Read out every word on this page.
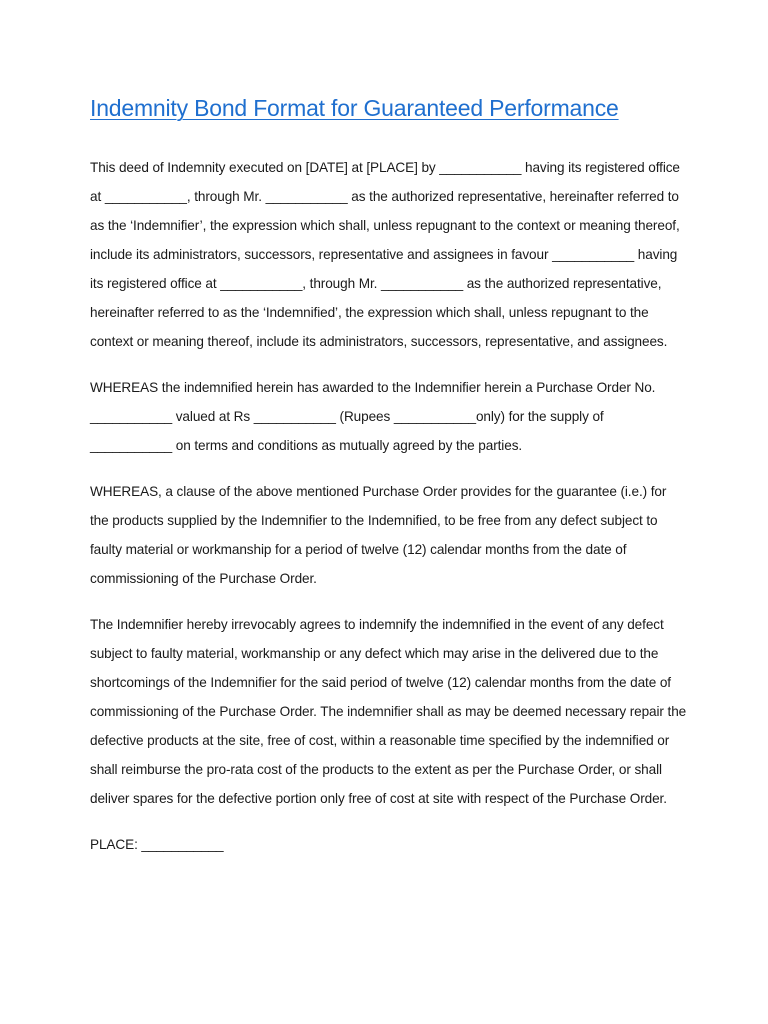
Indemnity Bond Format for Guaranteed Performance

This deed of Indemnity executed on [DATE] at [PLACE] by ___________ having its registered office at ___________, through Mr. ___________ as the authorized representative, hereinafter referred to as the ‘Indemnifier’, the expression which shall, unless repugnant to the context or meaning thereof, include its administrators, successors, representative and assignees in favour ___________ having its registered office at ___________, through Mr. ___________ as the authorized representative, hereinafter referred to as the ‘Indemnified’, the expression which shall, unless repugnant to the context or meaning thereof, include its administrators, successors, representative, and assignees.

WHEREAS the indemnified herein has awarded to the Indemnifier herein a Purchase Order No. ___________ valued at Rs ___________ (Rupees ___________only) for the supply of ___________ on terms and conditions as mutually agreed by the parties.

WHEREAS, a clause of the above mentioned Purchase Order provides for the guarantee (i.e.) for the products supplied by the Indemnifier to the Indemnified, to be free from any defect subject to faulty material or workmanship for a period of twelve (12) calendar months from the date of commissioning of the Purchase Order.

The Indemnifier hereby irrevocably agrees to indemnify the indemnified in the event of any defect subject to faulty material, workmanship or any defect which may arise in the delivered due to the shortcomings of the Indemnifier for the said period of twelve (12) calendar months from the date of commissioning of the Purchase Order. The indemnifier shall as may be deemed necessary repair the defective products at the site, free of cost, within a reasonable time specified by the indemnified or shall reimburse the pro-rata cost of the products to the extent as per the Purchase Order, or shall deliver spares for the defective portion only free of cost at site with respect of the Purchase Order.

PLACE: ___________
